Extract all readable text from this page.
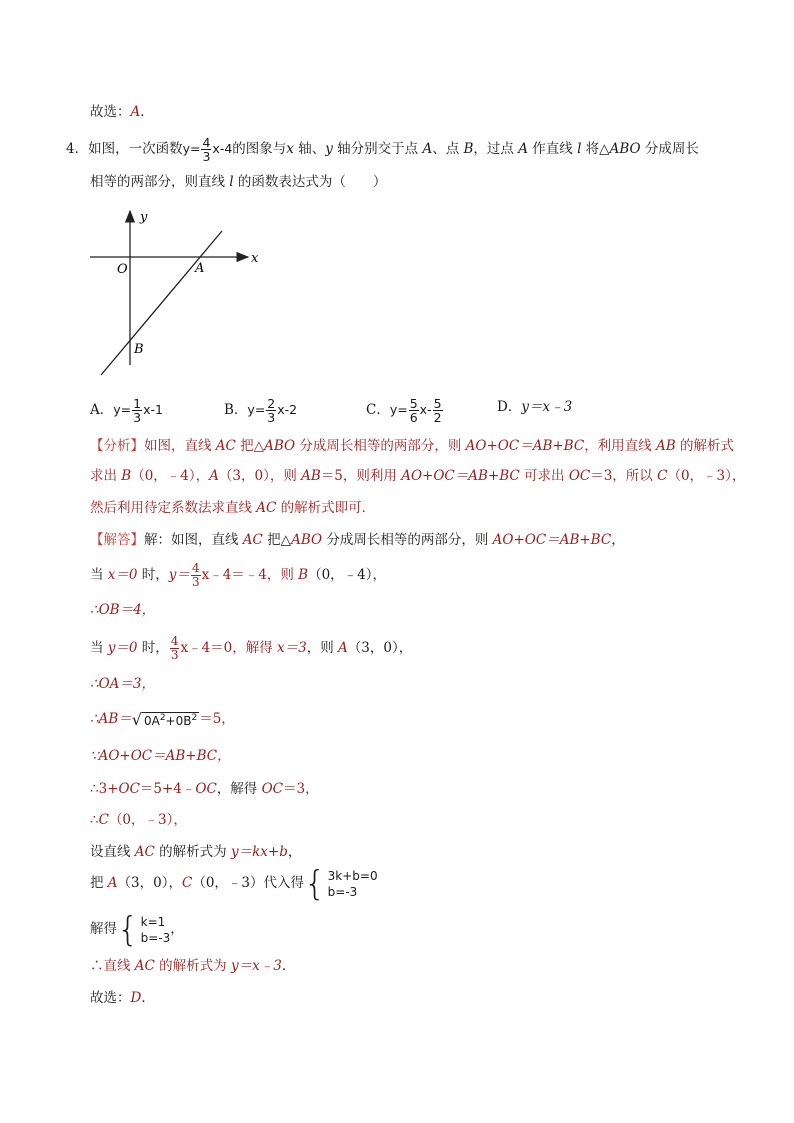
故选：A．
4．如图，一次函数$y= \frac{4}{3} x-4$的图象与x 轴、y 轴分别交于点 A、点 B，过点 A 作直线 l 将△ABO 分成周长
相等的两部分，则直线 l 的函数表达式为（　　）
y
x
O	A
B
A．$y= \frac{1}{3} x-1$	B．$y= \frac{2}{3} x-2$	C．$y= \frac{5}{6} x- \frac{5}{2}$	D．y＝x﹣3
【分析】如图，直线 AC 把△ABO 分成周长相等的两部分，则 AO+OC＝AB+BC，利用直线 AB 的解析式
求出 B（0，﹣4），A（3，0），则 AB＝5，则利用 AO+OC＝AB+BC 可求出 OC＝3，所以 C（0，﹣3），
然后利用待定系数法求直线 AC 的解析式即可．
【解答】解：如图，直线 AC 把△ABO 分成周长相等的两部分，则 AO+OC＝AB+BC，
当 x＝0 时，$y= \frac{4}{3}$ x﹣4＝﹣4，则 B（0，﹣4），
∴OB＝4，
当 y＝0 时， $\frac{4}{3}$ x﹣4＝0，解得 x＝3，则 A（3，0），
∴OA＝3，
∴AB＝√ $0A^2+0B^2 =5$，
∵AO+OC＝AB+BC，
∴3+OC＝5+4﹣OC，解得 OC＝3，
∴C（0，﹣3），
设直线 AC 的解析式为 y＝kx+b，
把 A（3，0），C（0，﹣3）代入得 { 3k+b=0
b=-3
解得 { k=1
b=-3
，
∴直线 AC 的解析式为 y＝x﹣3．
故选：D．
